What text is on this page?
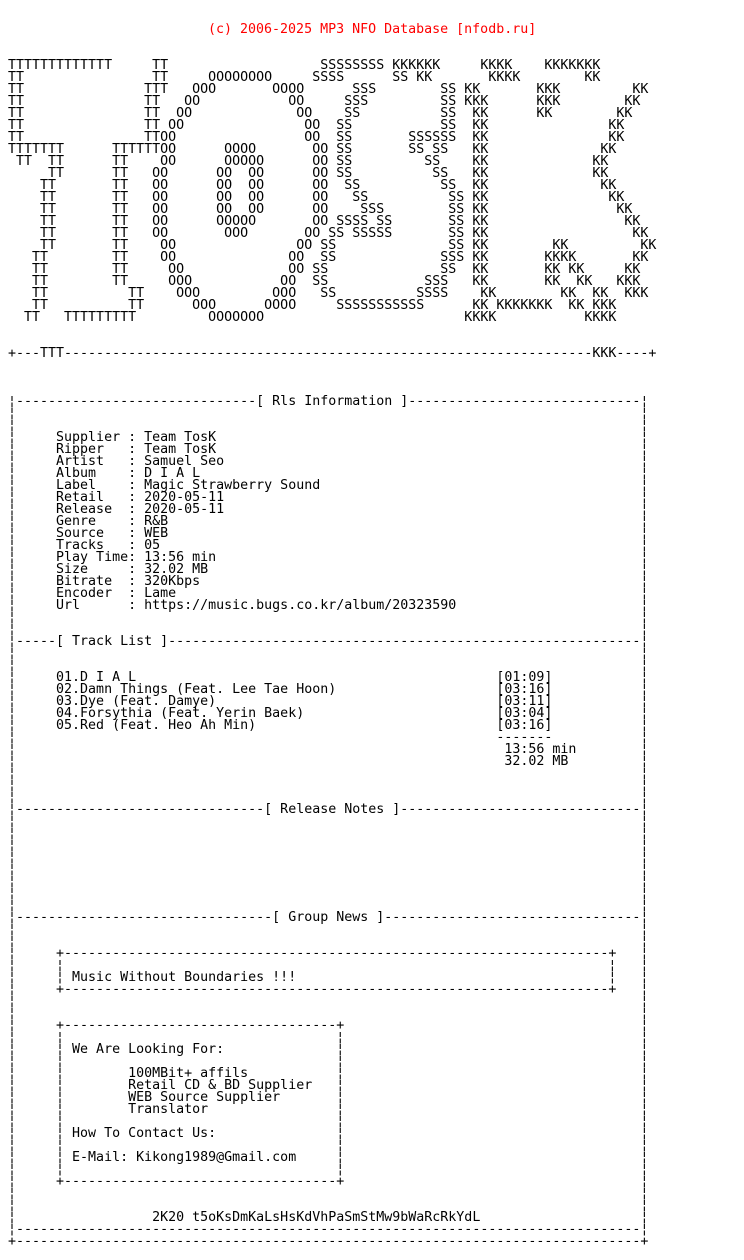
(c) 2006-2025 MP3 NFO Database [nfodb.ru]

TTTTTTTTTTTTT     TT                   SSSSSSSS KKKKKK     KKKK    KKKKKKK
TT                TT     OOOOOOOO     SSSS      SS KK       KKKK        KK
TT               TTT   OOO       OOOO      SSS        SS KK       KKK         KK
TT               TT   OO           OO     SSS         SS KKK      KKK        KK
TT               TT  OO             OO    SS          SS  KK      KK        KK
TT               TT OO               OO  SS           SS  KK               KK
TT               TTOO                OO  SS       SSSSSS  KK               KK
TTTTTTT      TTTTTTOO      OOOO       OO SS       SS SS   KK              KK
TT  TT      TT    OO      OOOOO      OO SS         SS    KK             KK
TT      TT   OO      OO  OO      OO SS          SS   KK             KK
TT       TT   OO      OO  OO      OO  SS          SS  KK              KK
TT       TT   OO      OO  OO      OO   SS          SS KK               KK
TT       TT   OO      OO  OO      OO    SSS        SS KK                KK
TT       TT   OO      OOOOO       OO SSSS SS       SS KK                 KK
TT       TT   OO       OOO       OO SS SSSSS       SS KK                  KK
TT       TT    OO               OO SS              SS KK        KK         KK
TT        TT    OO              OO  SS             SSS KK       KKKK       KK
TT        TT     OO             OO SS              SS  KK       KK KK     KK
TT        TT     OOO           OO  SS            SSS   KK       KK  KK   KKK
TT          TT    OOO         OOO   SS          SSSS    KK        KK  KK  KKK
TT          TT      OOO      OOOO     SSSSSSSSSSS      KK KKKKKKK  KK KKK
TT   TTTTTTTTT         OOOOOOO                         KKKK           KKKK

+---TTT------------------------------------------------------------------KKK----+

¦------------------------------[ Rls Information ]-----------------------------¦
¦                                                                              ¦
¦                                                                              ¦
¦     Supplier : Team TosK                                                     ¦
¦     Ripper   : Team TosK                                                     ¦
¦     Artist   : Samuel Seo                                                    ¦
¦     Album    : D I A L                                                       ¦
¦     Label    : Magic Strawberry Sound                                        ¦
¦     Retail   : 2020-05-11                                                    ¦
¦     Release  : 2020-05-11                                                    ¦
¦     Genre    : R&B                                                           ¦
¦     Source   : WEB                                                           ¦
¦     Tracks   : 05                                                            ¦
¦     Play Time: 13:56 min                                                     ¦
¦     Size     : 32.02 MB                                                      ¦
¦     Bitrate  : 320Kbps                                                       ¦
¦     Encoder  : Lame                                                          ¦
¦     Url      : https://music.bugs.co.kr/album/20323590                       ¦
¦                                                                              ¦
¦                                                                              ¦
¦-----[ Track List ]-----------------------------------------------------------¦
¦                                                                              ¦
¦                                                                              ¦
¦     01.D I A L                                             [01:09]           ¦
¦     02.Damn Things (Feat. Lee Tae Hoon)                    [03:16]           ¦
¦     03.Dye (Feat. Damye)                                   [03:11]           ¦
¦     04.Forsythia (Feat. Yerin Baek)                        [03:04]           ¦
¦     05.Red (Feat. Heo Ah Min)                              [03:16]           ¦
¦                                                            -------           ¦
¦                                                             13:56 min        ¦
¦                                                             32.02 MB         ¦
¦                                                                              ¦
¦                                                                              ¦
¦                                                                              ¦
¦-------------------------------[ Release Notes ]------------------------------¦
¦                                                                              ¦
¦                                                                              ¦
¦                                                                              ¦
¦                                                                              ¦
¦                                                                              ¦
¦                                                                              ¦
¦                                                                              ¦
¦                                                                              ¦
¦--------------------------------[ Group News ]--------------------------------¦
¦                                                                              ¦
¦                                                                              ¦
¦     +--------------------------------------------------------------------+   ¦
¦     ¦                                                                    ¦   ¦
¦     ¦ Music Without Boundaries !!!                                       ¦   ¦
¦     +--------------------------------------------------------------------+   ¦
¦                                                                              ¦
¦                                                                              ¦
¦     +----------------------------------+                                     ¦
¦     ¦                                  ¦                                     ¦
¦     ¦ We Are Looking For:              ¦                                     ¦
¦     ¦                                  ¦                                     ¦
¦     ¦        100MBit+ affils           ¦                                     ¦
¦     ¦        Retail CD & BD Supplier   ¦                                     ¦
¦     ¦        WEB Source Supplier       ¦                                     ¦
¦     ¦        Translator                ¦                                     ¦
¦     ¦                                  ¦                                     ¦
¦     ¦ How To Contact Us:               ¦                                     ¦
¦     ¦                                  ¦                                     ¦
¦     ¦ E-Mail: Kikong1989@Gmail.com     ¦                                     ¦
¦     ¦                                  ¦                                     ¦
¦     +----------------------------------+                                     ¦
¦                                                                              ¦
¦                                                                              ¦
¦                 2K20 t5oKsDmKaLsHsKdVhPaSmStMw9bWaRcRkYdL                    ¦
¦------------------------------------------------------------------------------¦
+------------------------------------------------------------------------------+
